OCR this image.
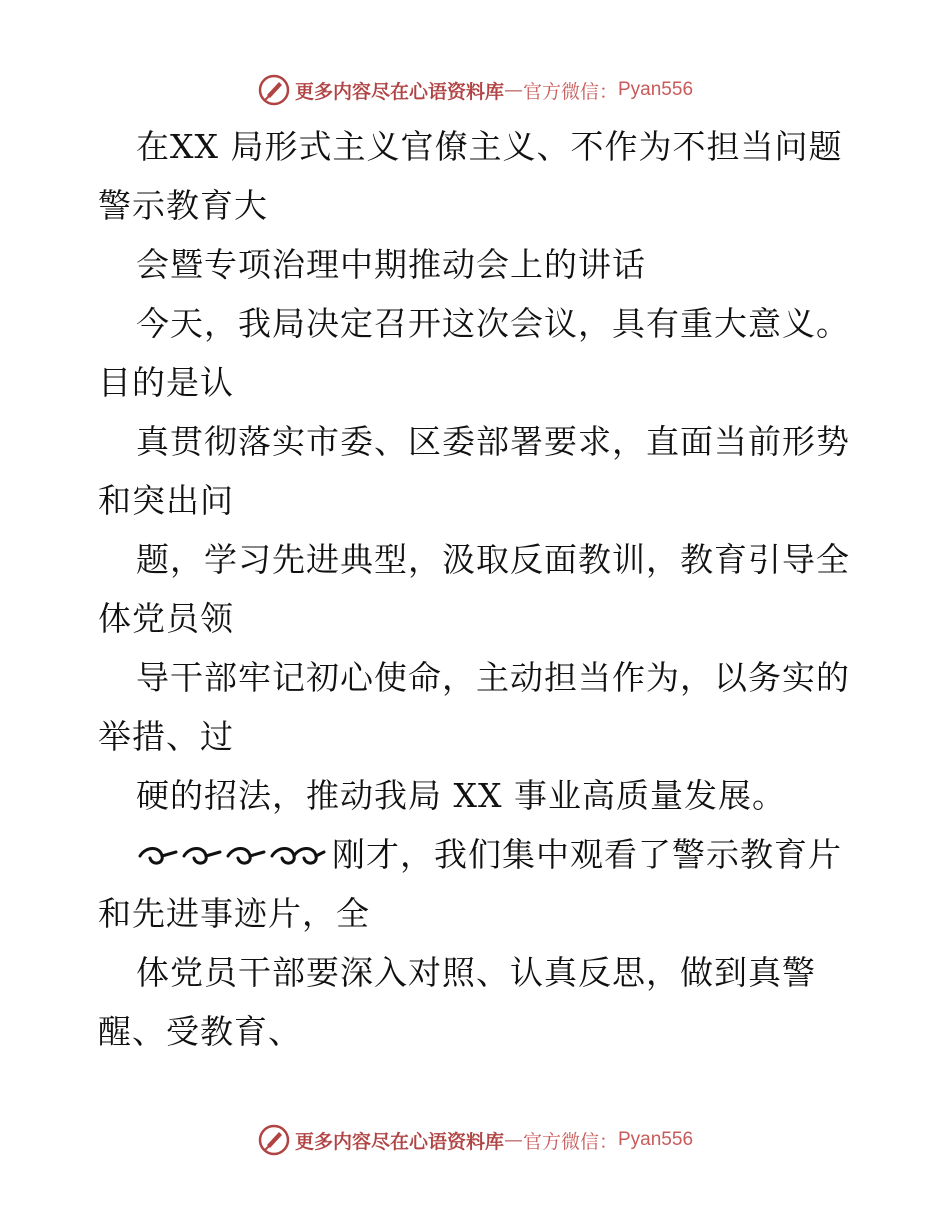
更多内容尽在心语资料库 — 官方微信： Pyan556

在XX 局形式主义官僚主义、不作为不担当问题警示教育大

会暨专项治理中期推动会上的讲话

今天，我局决定召开这次会议，具有重大意义。目的是认

真贯彻落实市委、区委部署要求，直面当前形势和突出问

题，学习先进典型，汲取反面教训，教育引导全体党员领

导干部牢记初心使命，主动担当作为，以务实的举措、过

硬的招法，推动我局 XX 事业高质量发展。

刚才，我们集中观看了警示教育片和先进事迹片，全

体党员干部要深入对照、认真反思，做到真警醒、受教育、

更多内容尽在心语资料库 — 官方微信： Pyan556
